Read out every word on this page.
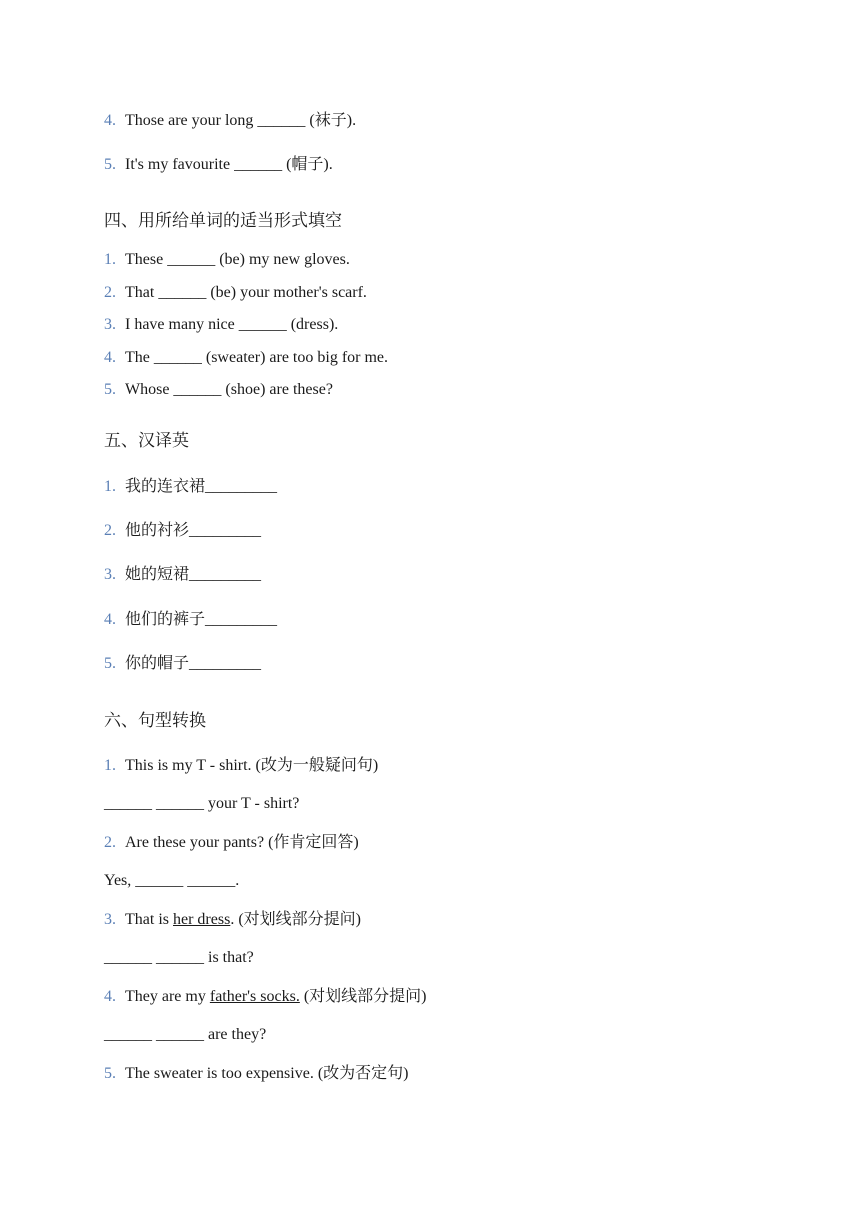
4. Those are your long ______ (袜子).
5. It's my favourite ______ (帽子).
四、用所给单词的适当形式填空
1. These ______ (be) my new gloves.
2. That ______ (be) your mother's scarf.
3. I have many nice ______ (dress).
4. The ______ (sweater) are too big for me.
5. Whose ______ (shoe) are these?
五、汉译英
1. 我的连衣裙_________
2. 他的衬衫_________
3. 她的短裙_________
4. 他们的裤子_________
5. 你的帽子_________
六、句型转换
1. This is my T - shirt. (改为一般疑问句)
______ ______ your T - shirt?
2. Are these your pants? (作肯定回答)
Yes, ______ ______.
3. That is her dress. (对划线部分提问)
______ ______ is that?
4. They are my father's socks. (对划线部分提问)
______ ______ are they?
5. The sweater is too expensive. (改为否定句)
